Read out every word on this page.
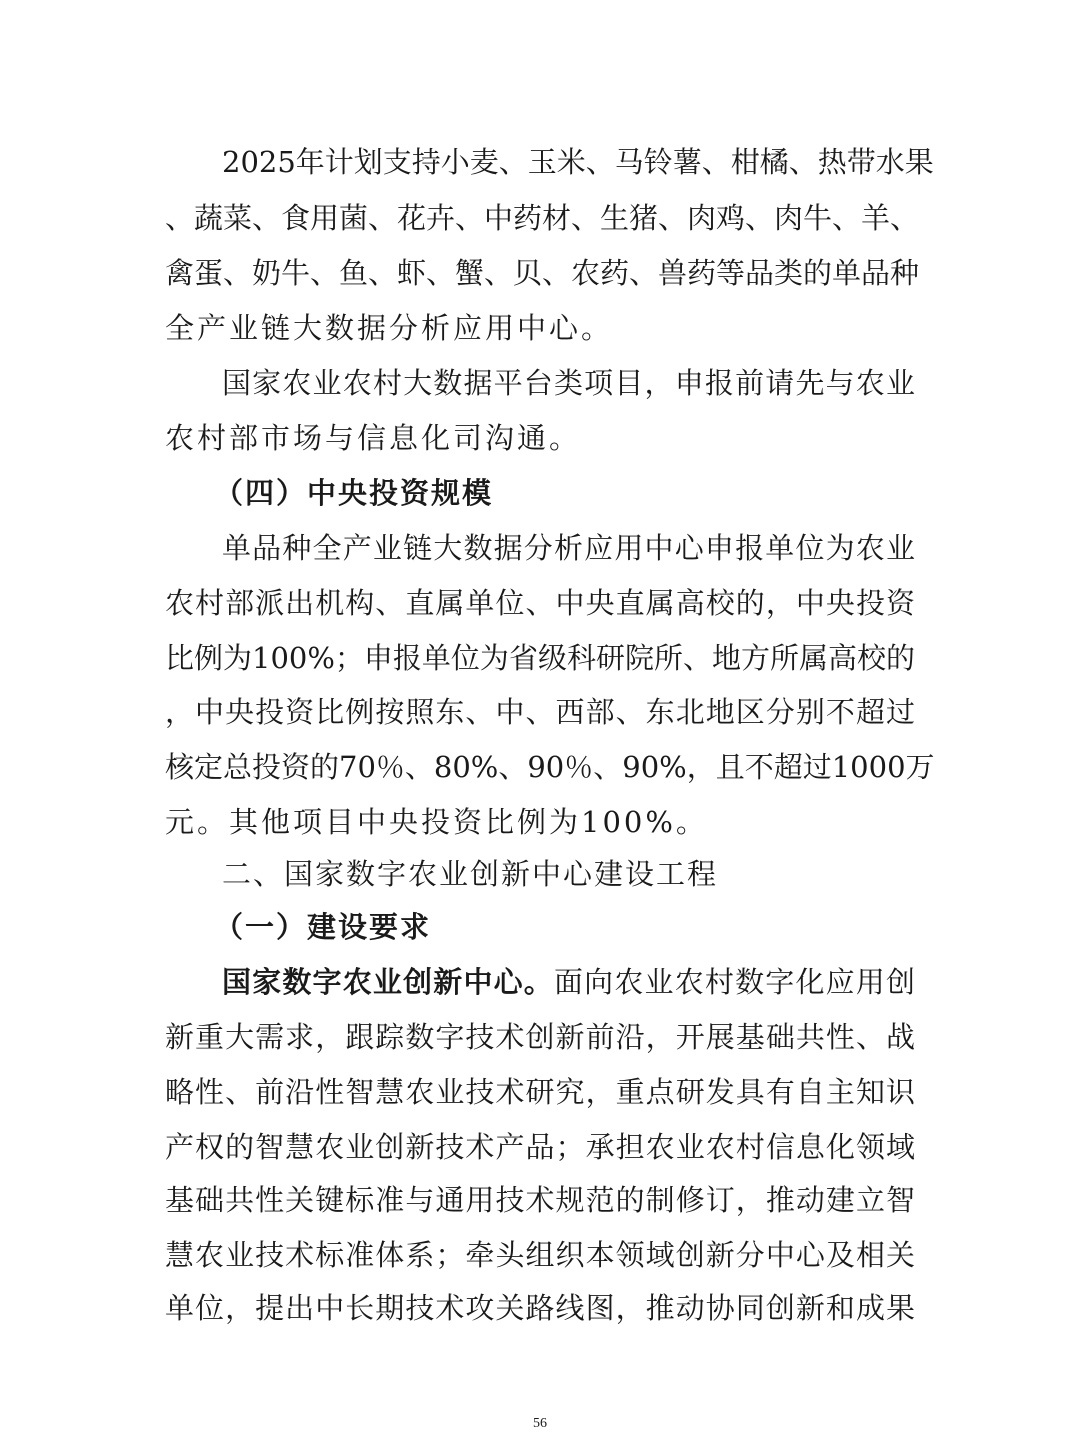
2025年计划支持小麦、玉米、马铃薯、柑橘、热带水果
、蔬菜、食用菌、花卉、中药材、生猪、肉鸡、肉牛、羊、
禽蛋、奶牛、鱼、虾、蟹、贝、农药、兽药等品类的单品种
全产业链大数据分析应用中心。
国家农业农村大数据平台类项目，申报前请先与农业
农村部市场与信息化司沟通。
（四）中央投资规模
单品种全产业链大数据分析应用中心申报单位为农业
农村部派出机构、直属单位、中央直属高校的，中央投资
比例为100%；申报单位为省级科研院所、地方所属高校的
，中央投资比例按照东、中、西部、东北地区分别不超过
核定总投资的70％、80%、90％、90%，且不超过1000万
元。其他项目中央投资比例为100%。
二、国家数字农业创新中心建设工程
（一）建设要求
国家数字农业创新中心。面向农业农村数字化应用创
新重大需求，跟踪数字技术创新前沿，开展基础共性、战
略性、前沿性智慧农业技术研究，重点研发具有自主知识
产权的智慧农业创新技术产品；承担农业农村信息化领域
基础共性关键标准与通用技术规范的制修订，推动建立智
慧农业技术标准体系；牵头组织本领域创新分中心及相关
单位，提出中长期技术攻关路线图，推动协同创新和成果
56
